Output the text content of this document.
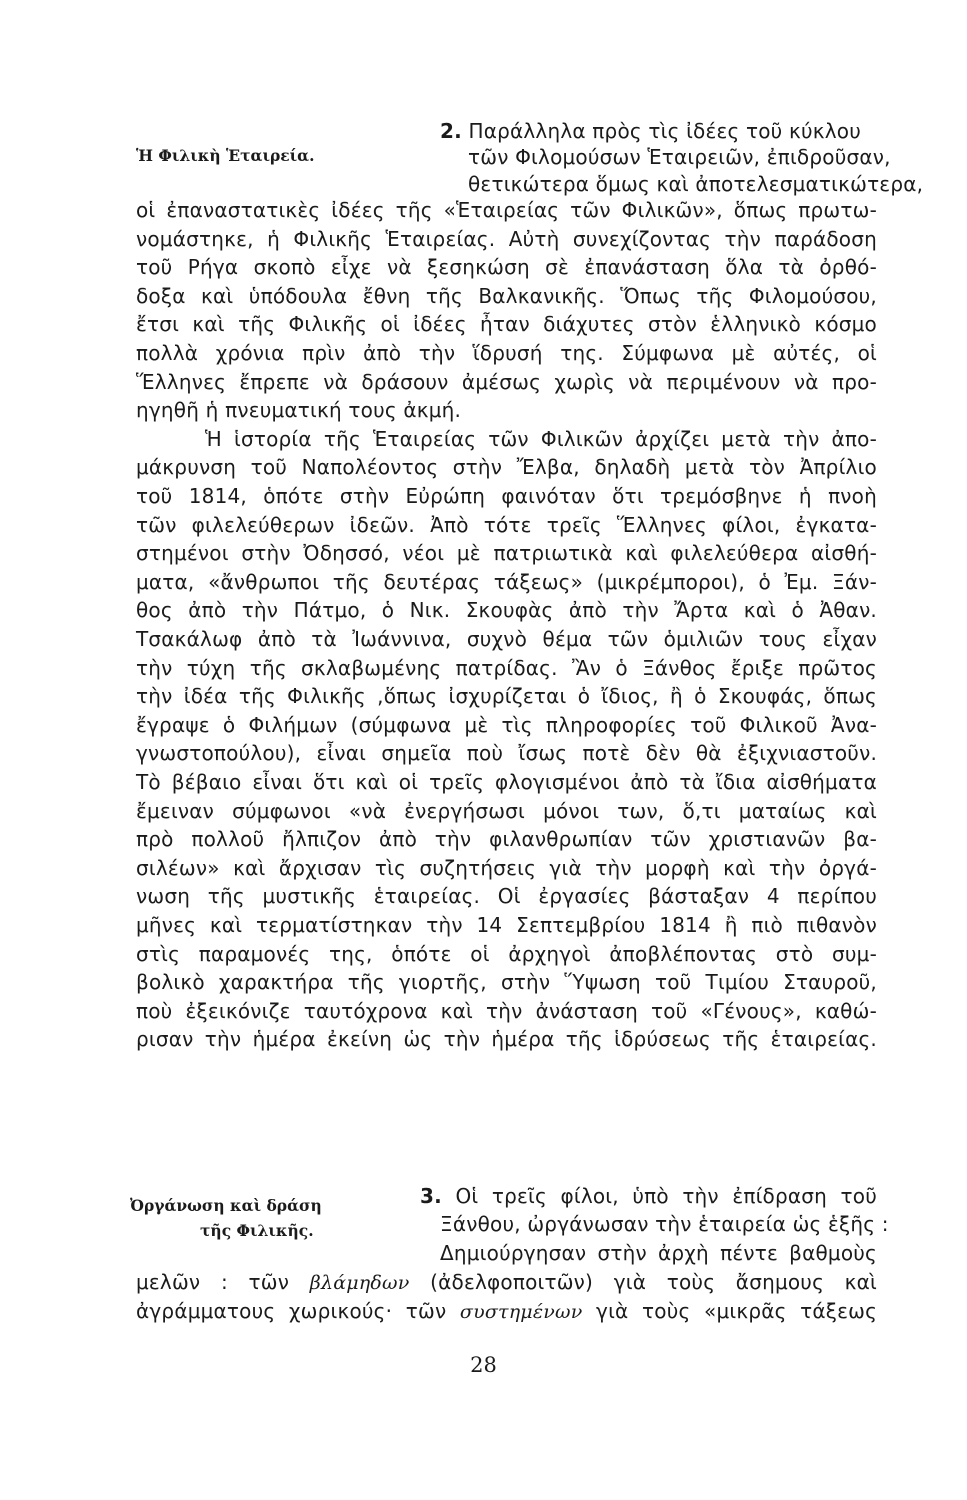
Ἡ Φιλικὴ Ἑταιρεία.
2. Παράλληλα πρὸς τὶς ἰδέες τοῦ κύκλου
τῶν Φιλομούσων Ἑταιρειῶν, ἐπιδροῦσαν,
θετικώτερα ὅμως καὶ ἀποτελεσματικώτερα,
οἱ ἐπαναστατικὲς ἰδέες τῆς «Ἑταιρείας τῶν Φιλικῶν», ὅπως πρωτω-
νομάστηκε, ἡ Φιλικῆς Ἑταιρείας. Αὐτὴ συνεχίζοντας τὴν παράδοση
τοῦ Ρήγα σκοπὸ εἶχε νὰ ξεσηκώση σὲ ἐπανάσταση ὅλα τὰ ὀρθό-
δοξα καὶ ὑπόδουλα ἔθνη τῆς Βαλκανικῆς. Ὅπως τῆς Φιλομούσου,
ἔτσι καὶ τῆς Φιλικῆς οἱ ἰδέες ἦταν διάχυτες στὸν ἑλληνικὸ κόσμο
πολλὰ χρόνια πρὶν ἀπὸ τὴν ἵδρυσή της. Σύμφωνα μὲ αὐτές, οἱ
Ἕλληνες ἔπρεπε νὰ δράσουν ἀμέσως χωρὶς νὰ περιμένουν νὰ προ-
ηγηθῆ ἡ πνευματική τους ἀκμή.
Ἡ ἱστορία τῆς Ἑταιρείας τῶν Φιλικῶν ἀρχίζει μετὰ τὴν ἀπο-
μάκρυνση τοῦ Ναπολέοντος στὴν Ἔλβα, δηλαδὴ μετὰ τὸν Ἀπρίλιο
τοῦ 1814, ὁπότε στὴν Εὐρώπη φαινόταν ὅτι τρεμόσβηνε ἡ πνοὴ
τῶν φιλελεύθερων ἰδεῶν. Ἀπὸ τότε τρεῖς Ἕλληνες φίλοι, ἐγκατα-
στημένοι στὴν Ὀδησσό, νέοι μὲ πατριωτικὰ καὶ φιλελεύθερα αἰσθή-
ματα, «ἄνθρωποι τῆς δευτέρας τάξεως» (μικρέμποροι), ὁ Ἐμ. Ξάν-
θος ἀπὸ τὴν Πάτμο, ὁ Νικ. Σκουφὰς ἀπὸ τὴν Ἄρτα καὶ ὁ Ἀθαν.
Τσακάλωφ ἀπὸ τὰ Ἰωάννινα, συχνὸ θέμα τῶν ὁμιλιῶν τους εἶχαν
τὴν τύχη τῆς σκλαβωμένης πατρίδας. Ἂν ὁ Ξάνθος ἔριξε πρῶτος
τὴν ἰδέα τῆς Φιλικῆς ,ὅπως ἰσχυρίζεται ὁ ἴδιος, ἢ ὁ Σκουφάς, ὅπως
ἔγραψε ὁ Φιλήμων (σύμφωνα μὲ τὶς πληροφορίες τοῦ Φιλικοῦ Ἀνα-
γνωστοπούλου), εἶναι σημεῖα ποὺ ἴσως ποτὲ δὲν θὰ ἐξιχνιαστοῦν.
Τὸ βέβαιο εἶναι ὅτι καὶ οἱ τρεῖς φλογισμένοι ἀπὸ τὰ ἴδια αἰσθήματα
ἔμειναν σύμφωνοι «νὰ ἐνεργήσωσι μόνοι των, ὅ,τι ματαίως καὶ
πρὸ πολλοῦ ἤλπιζον ἀπὸ τὴν φιλανθρωπίαν τῶν χριστιανῶν βα-
σιλέων» καὶ ἄρχισαν τὶς συζητήσεις γιὰ τὴν μορφὴ καὶ τὴν ὀργά-
νωση τῆς μυστικῆς ἑταιρείας. Οἱ ἐργασίες βάσταξαν 4 περίπου
μῆνες καὶ τερματίστηκαν τὴν 14 Σεπτεμβρίου 1814 ἢ πιὸ πιθανὸν
στὶς παραμονές της, ὁπότε οἱ ἀρχηγοὶ ἀποβλέποντας στὸ συμ-
βολικὸ χαρακτήρα τῆς γιορτῆς, στὴν Ὕψωση τοῦ Τιμίου Σταυροῦ,
ποὺ ἐξεικόνιζε ταυτόχρονα καὶ τὴν ἀνάσταση τοῦ «Γένους», καθώ-
ρισαν τὴν ἡμέρα ἐκείνη ὡς τὴν ἡμέρα τῆς ἱδρύσεως τῆς ἑταιρείας.
Ὀργάνωση καὶ δράση
τῆς Φιλικῆς.
3. Οἱ τρεῖς φίλοι, ὑπὸ τὴν ἐπίδραση τοῦ
Ξάνθου, ὠργάνωσαν τὴν ἑταιρεία ὡς ἑξῆς :
Δημιούργησαν στὴν ἀρχὴ πέντε βαθμοὺς
μελῶν : τῶν βλάμηδων (ἀδελφοποιτῶν) γιὰ τοὺς ἄσημους καὶ
ἀγράμματους χωρικούς· τῶν συστημένων γιὰ τοὺς «μικρᾶς τάξεως
28
